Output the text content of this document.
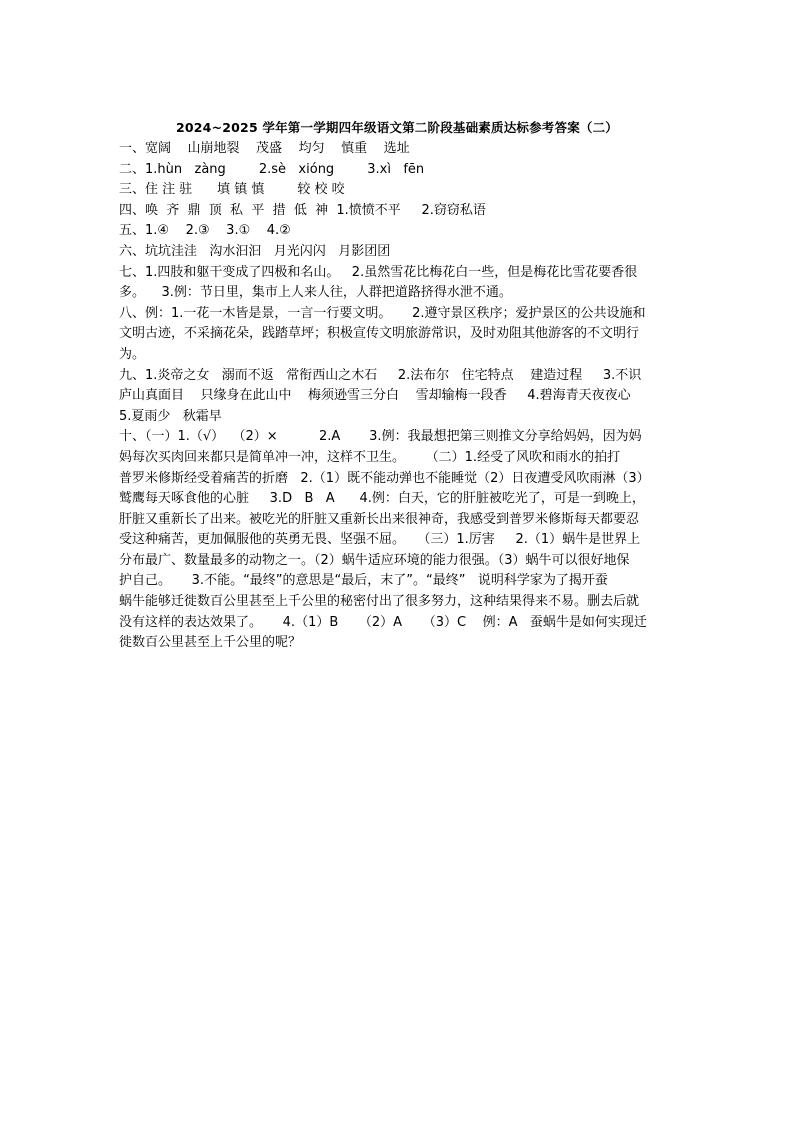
2024~2025 学年第一学期四年级语文第二阶段基础素质达标参考答案（二）
一、宽阔    山崩地裂    茂盛    均匀    慎重    选址
二、1.hùn   zàng        2.sè   xióng        3.xì   fēn
三、住 注 驻      填 镇 慎        较 校 咬
四、唤  齐  鼎  顶  私  平  措  低  神  1.愤愤不平     2.窃窃私语
五、1.④    2.③    3.①    4.②
六、坑坑洼洼   沟水汩汩   月光闪闪   月影团团
七、1.四肢和躯干变成了四极和名山。   2.虽然雪花比梅花白一些，但是梅花比雪花要香很
多。    3.例：节日里，集市上人来人往，人群把道路挤得水泄不通。
八、例：1.一花一木皆是景，一言一行要文明。     2.遵守景区秩序；爱护景区的公共设施和
文明古迹，不采摘花朵，践踏草坪；积极宣传文明旅游常识，及时劝阻其他游客的不文明行
为。
九、1.炎帝之女   溺而不返   常衔西山之木石     2.法布尔   住宅特点    建造过程     3.不识
庐山真面目    只缘身在此山中    梅须逊雪三分白    雪却输梅一段香     4.碧海青天夜夜心
5.夏雨少   秋霜早
十、（一）1.（√）  （2）×          2.A       3.例：我最想把第三则推文分享给妈妈，因为妈
妈每次买肉回来都只是简单冲一冲，这样不卫生。     （二）1.经受了风吹和雨水的拍打
普罗米修斯经受着痛苦的折磨   2.（1）既不能动弹也不能睡觉（2）日夜遭受风吹雨淋（3）
鹫鹰每天啄食他的心脏     3.D   B   A      4.例：白天，它的肝脏被吃光了，可是一到晚上，
肝脏又重新长了出来。被吃光的肝脏又重新长出来很神奇，我感受到普罗米修斯每天都要忍
受这种痛苦，更加佩服他的英勇无畏、坚强不屈。   （三）1.厉害     2.（1）蜗牛是世界上
分布最广、数量最多的动物之一。（2）蜗牛适应环境的能力很强。（3）蜗牛可以很好地保
护自己。     3.不能。“最终”的意思是“最后，末了”。“最终”   说明科学家为了揭开蚕
蜗牛能够迁徙数百公里甚至上千公里的秘密付出了很多努力，这种结果得来不易。删去后就
没有这样的表达效果了。     4.（1）B     （2）A     （3）C    例：A   蚕蜗牛是如何实现迁
徙数百公里甚至上千公里的呢？
